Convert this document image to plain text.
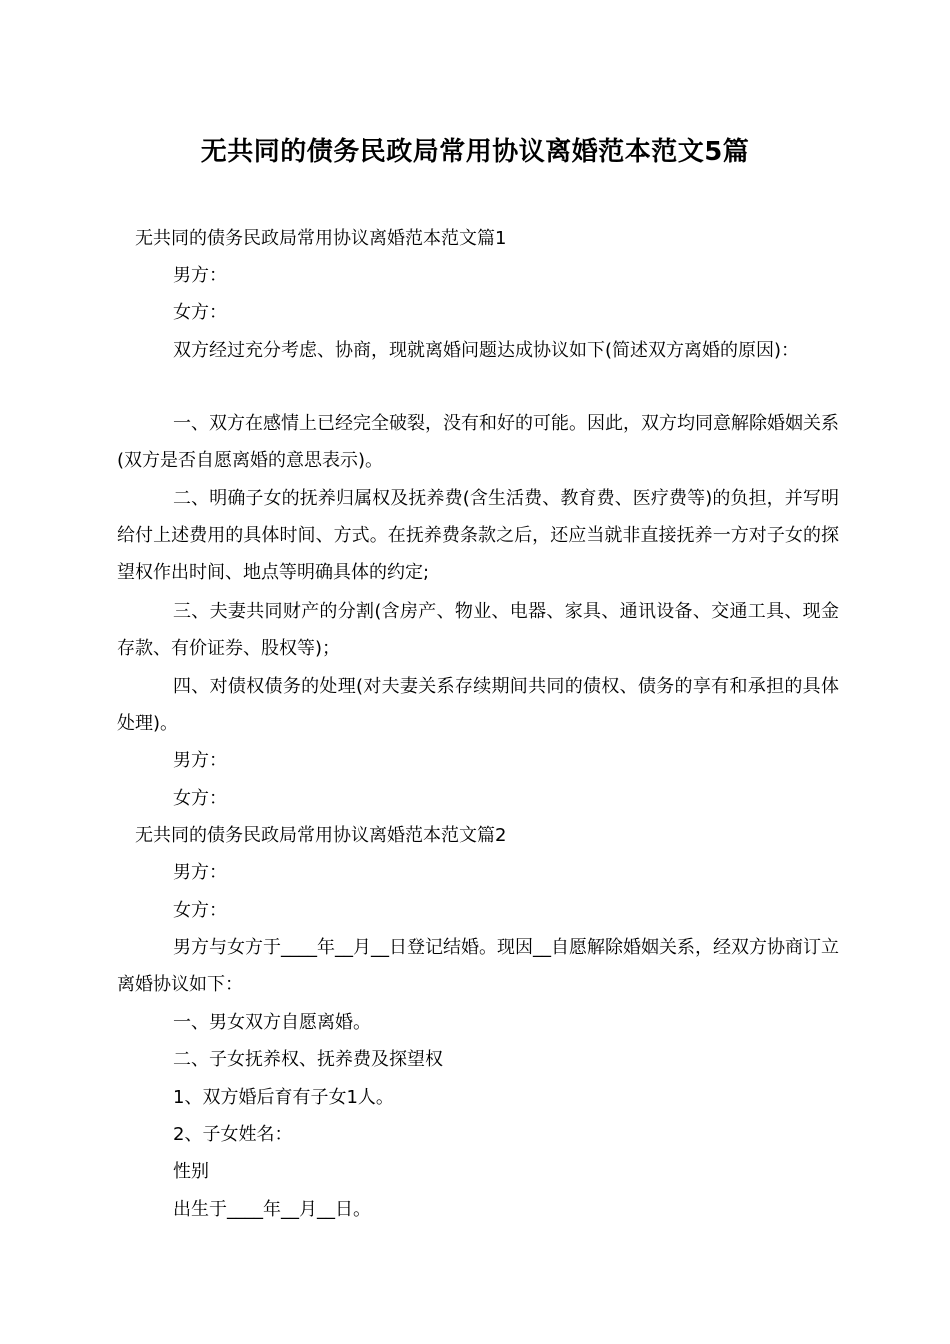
无共同的债务民政局常用协议离婚范本范文5篇
无共同的债务民政局常用协议离婚范本范文篇1
男方：
女方：
双方经过充分考虑、协商，现就离婚问题达成协议如下(简述双方离婚的原因)：
一、双方在感情上已经完全破裂，没有和好的可能。因此，双方均同意解除婚姻关系(双方是否自愿离婚的意思表示)。
二、明确子女的抚养归属权及抚养费(含生活费、教育费、医疗费等)的负担，并写明给付上述费用的具体时间、方式。在抚养费条款之后，还应当就非直接抚养一方对子女的探望权作出时间、地点等明确具体的约定;
三、夫妻共同财产的分割(含房产、物业、电器、家具、通讯设备、交通工具、现金存款、有价证券、股权等)；
四、对债权债务的处理(对夫妻关系存续期间共同的债权、债务的享有和承担的具体处理)。
男方：
女方：
无共同的债务民政局常用协议离婚范本范文篇2
男方：
女方：
男方与女方于____年__月__日登记结婚。现因__自愿解除婚姻关系，经双方协商订立离婚协议如下：
一、男女双方自愿离婚。
二、子女抚养权、抚养费及探望权
1、双方婚后育有子女1人。
2、子女姓名：
性别
出生于____年__月__日。
